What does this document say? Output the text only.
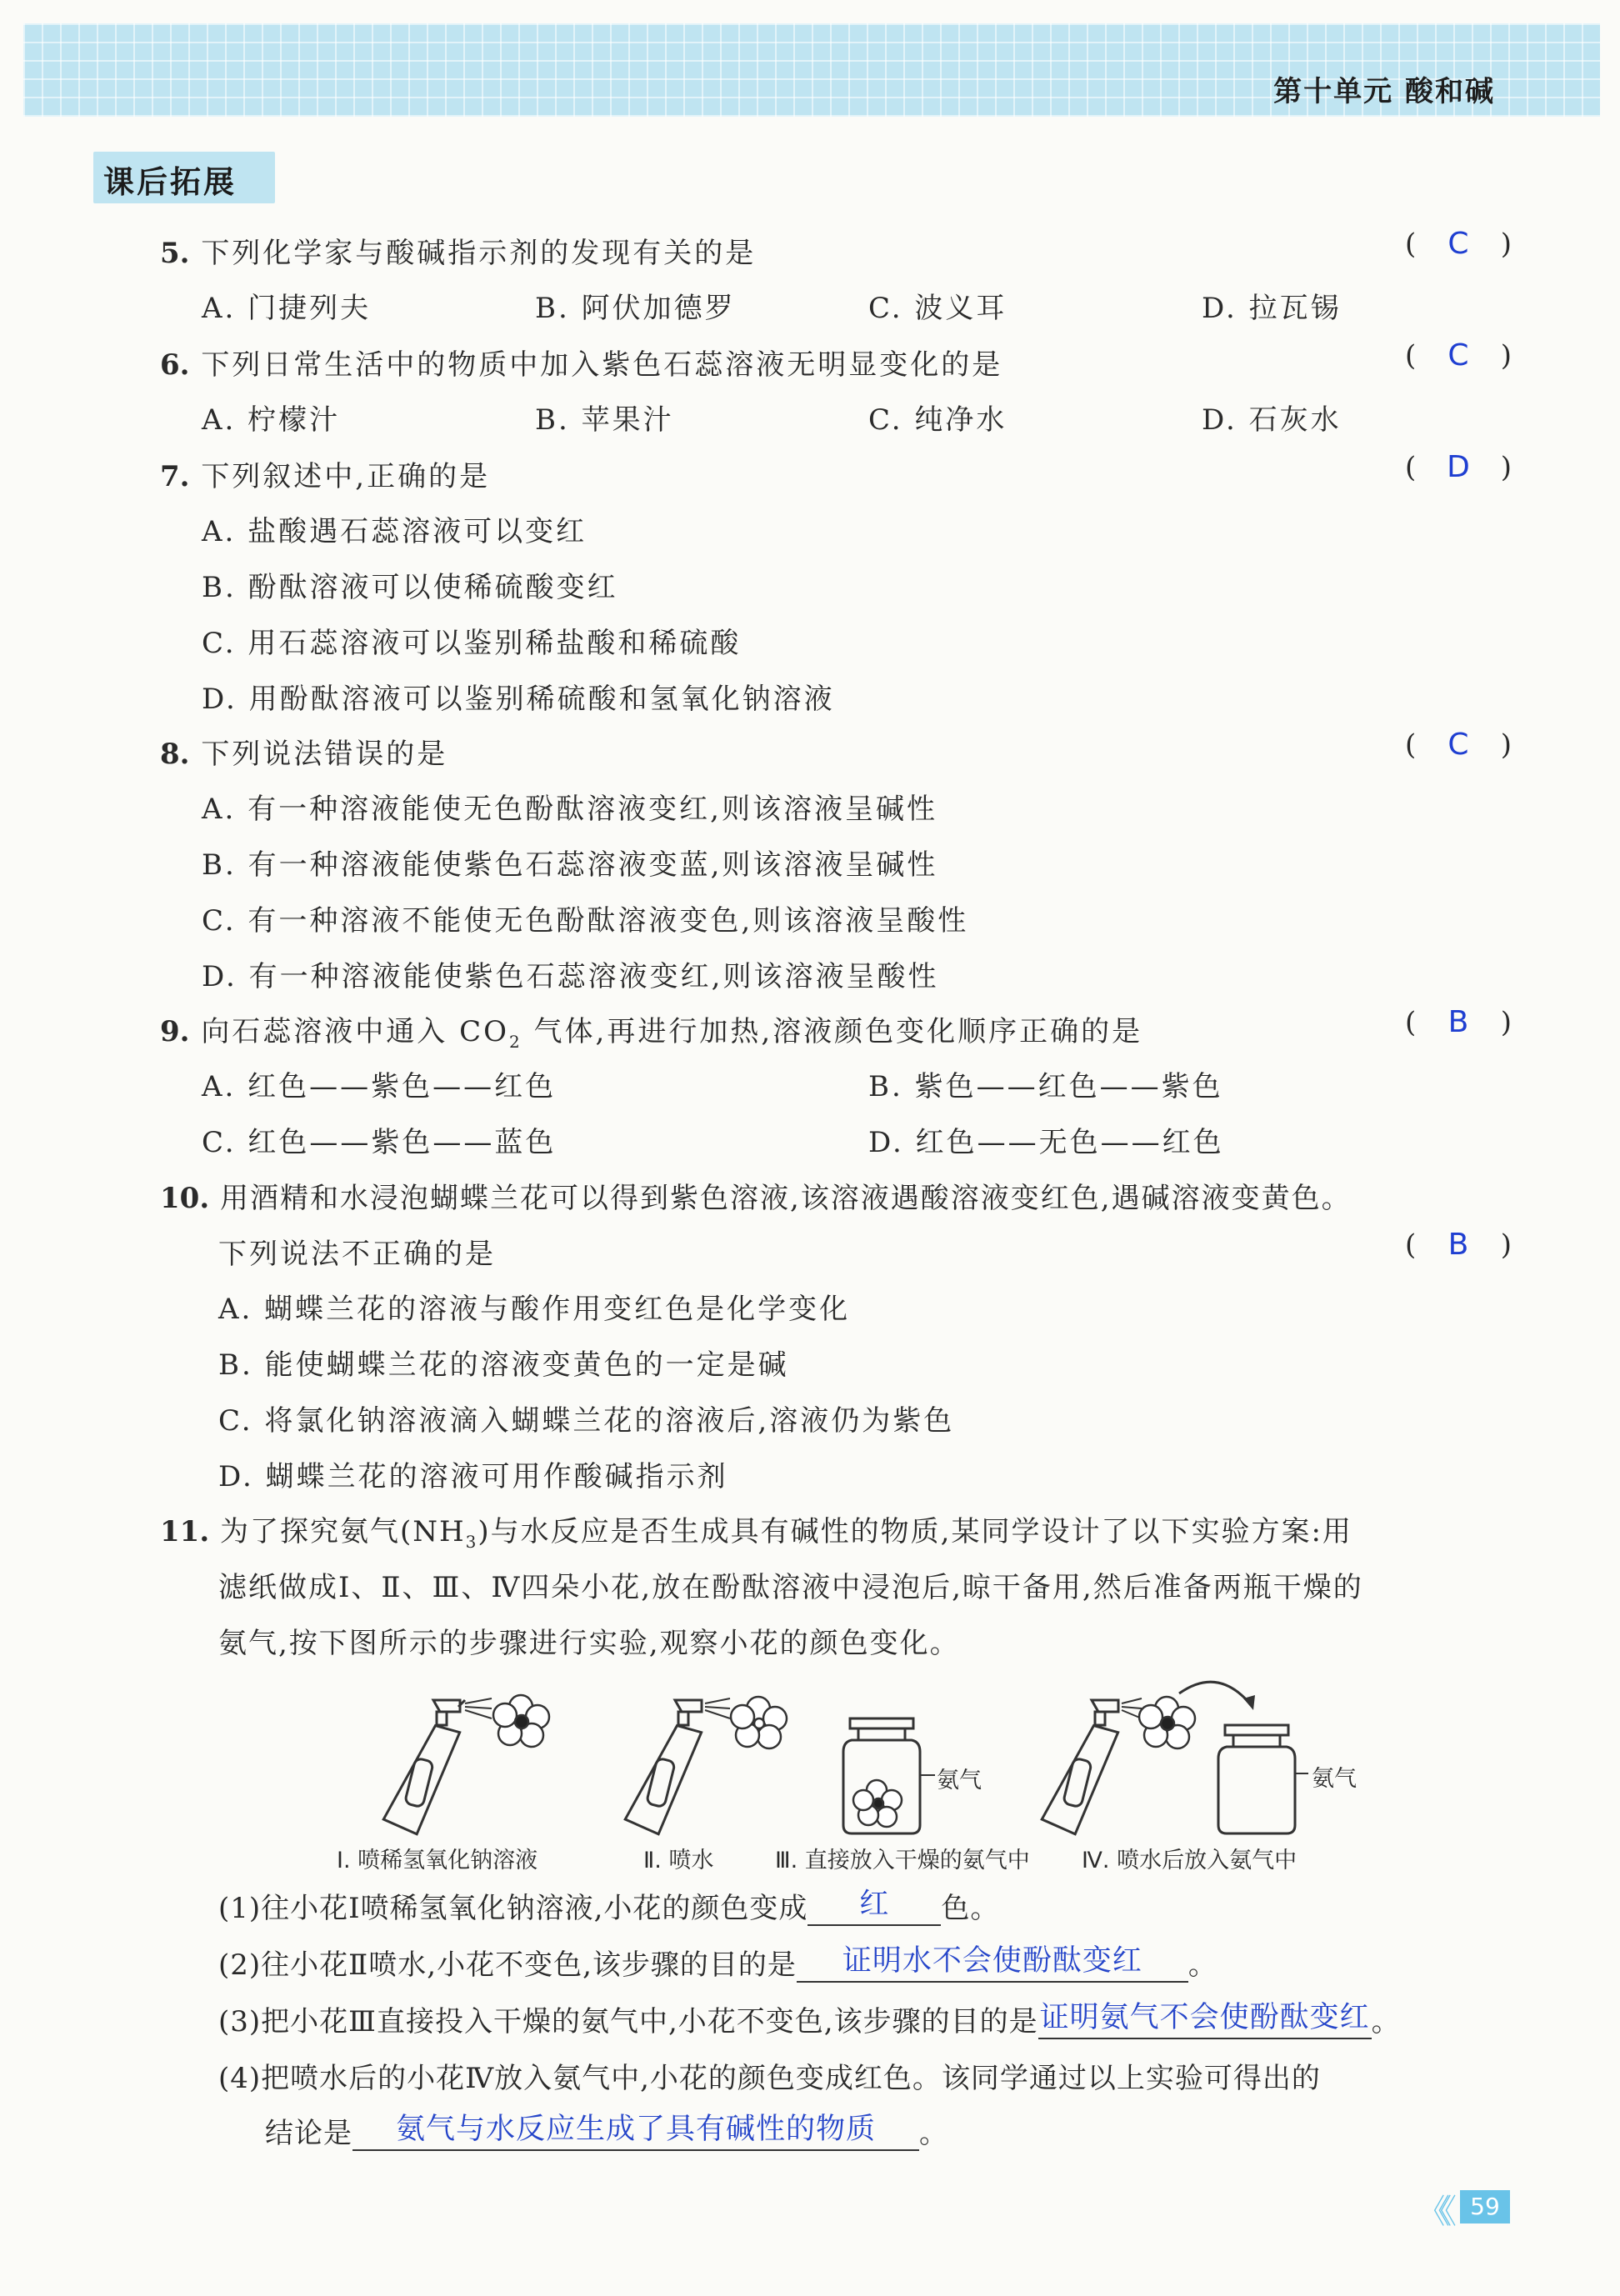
第十单元 酸和碱
课后拓展
5. 下列化学家与酸碱指示剂的发现有关的是	( C )
A. 门捷列夫	B. 阿伏加德罗	C. 波义耳	D. 拉瓦锡
6. 下列日常生活中的物质中加入紫色石蕊溶液无明显变化的是	( C )
A. 柠檬汁	B. 苹果汁	C. 纯净水	D. 石灰水
7. 下列叙述中,正确的是	( D )
A. 盐酸遇石蕊溶液可以变红
B. 酚酞溶液可以使稀硫酸变红
C. 用石蕊溶液可以鉴别稀盐酸和稀硫酸
D. 用酚酞溶液可以鉴别稀硫酸和氢氧化钠溶液
8. 下列说法错误的是	( C )
A. 有一种溶液能使无色酚酞溶液变红,则该溶液呈碱性
B. 有一种溶液能使紫色石蕊溶液变蓝,则该溶液呈碱性
C. 有一种溶液不能使无色酚酞溶液变色,则该溶液呈酸性
D. 有一种溶液能使紫色石蕊溶液变红,则该溶液呈酸性
9. 向石蕊溶液中通入 $CO_2$ 气体,再进行加热,溶液颜色变化顺序正确的是	( B )
A. 红色——紫色——红色	B. 紫色——红色——紫色
C. 红色——紫色——蓝色	D. 红色——无色——红色
10. 用酒精和水浸泡蝴蝶兰花可以得到紫色溶液,该溶液遇酸溶液变红色,遇碱溶液变黄色。
下列说法不正确的是	( B )
A. 蝴蝶兰花的溶液与酸作用变红色是化学变化
B. 能使蝴蝶兰花的溶液变黄色的一定是碱
C. 将氯化钠溶液滴入蝴蝶兰花的溶液后,溶液仍为紫色
D. 蝴蝶兰花的溶液可用作酸碱指示剂
11. 为了探究氨气$(NH_3)$与水反应是否生成具有碱性的物质,某同学设计了以下实验方案:用
滤纸做成Ⅰ、Ⅱ、Ⅲ、Ⅳ四朵小花,放在酚酞溶液中浸泡后,晾干备用,然后准备两瓶干燥的
氨气,按下图所示的步骤进行实验,观察小花的颜色变化。
氨气	氨气
Ⅰ. 喷稀氢氧化钠溶液	Ⅱ. 喷水	Ⅲ. 直接放入干燥的氨气中 Ⅳ. 喷水后放入氨气中
(1)往小花Ⅰ喷稀氢氧化钠溶液,小花的颜色变成 红 色。
(2)往小花Ⅱ喷水,小花不变色,该步骤的目的是 证明水不会使酚酞变红 。
(3)把小花Ⅲ直接投入干燥的氨气中,小花不变色,该步骤的目的是证明氨气不会使酚酞变红。
(4)把喷水后的小花Ⅳ放入氨气中,小花的颜色变成红色。该同学通过以上实验可得出的
结论是 氨气与水反应生成了具有碱性的物质 。
《《	59
